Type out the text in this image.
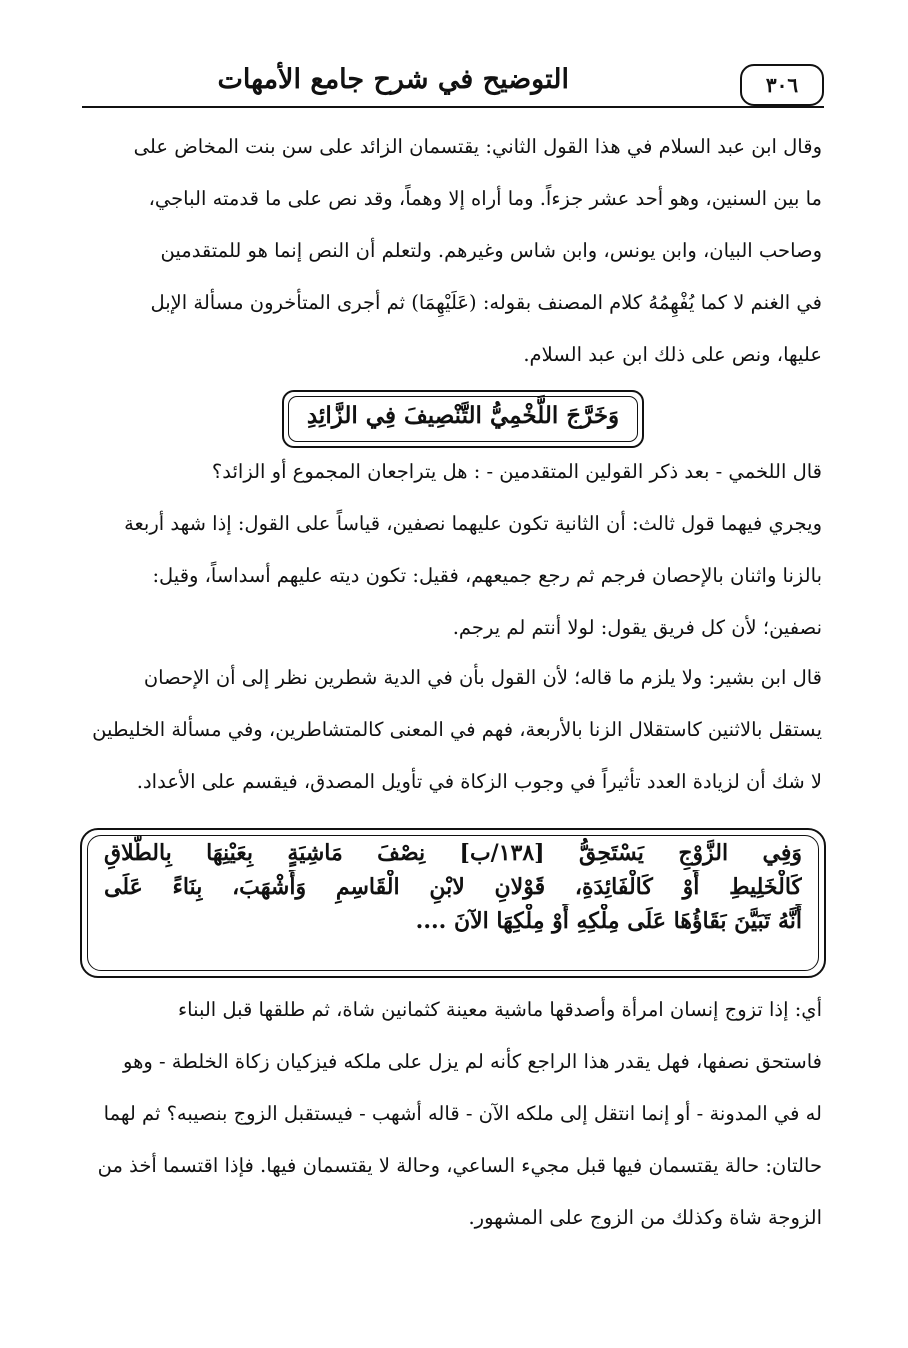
التوضيح في شرح جامع الأمهات	٣٠٦
وقال ابن عبد السلام في هذا القول الثاني: يقتسمان الزائد على سن بنت المخاض على
ما بين السنين، وهو أحد عشر جزءاً. وما أراه إلا وهماً، وقد نص على ما قدمته الباجي،
وصاحب البيان، وابن يونس، وابن شاس وغيرهم. ولتعلم أن النص إنما هو للمتقدمين
في الغنم لا كما يُفْهِمُهُ كلام المصنف بقوله: (عَلَيْهِمَا) ثم أجرى المتأخرون مسألة الإبل
عليها، ونص على ذلك ابن عبد السلام.
وَخَرَّجَ اللَّخْمِيُّ التَّنْصِيفَ فِي الزَّائِدِ
قال اللخمي - بعد ذكر القولين المتقدمين - : هل يتراجعان المجموع أو الزائد؟
ويجري فيهما قول ثالث: أن الثانية تكون عليهما نصفين، قياساً على القول: إذا شهد أربعة
بالزنا واثنان بالإحصان فرجم ثم رجع جميعهم، فقيل: تكون ديته عليهم أسداساً، وقيل:
نصفين؛ لأن كل فريق يقول: لولا أنتم لم يرجم.
قال ابن بشير: ولا يلزم ما قاله؛ لأن القول بأن في الدية شطرين نظر إلى أن الإحصان
يستقل بالاثنين كاستقلال الزنا بالأربعة، فهم في المعنى كالمتشاطرين، وفي مسألة الخليطين
لا شك أن لزيادة العدد تأثيراً في وجوب الزكاة في تأويل المصدق، فيقسم على الأعداد.
وَفِي الزَّوْجِ يَسْتَحِقُّ [١٣٨/ب] نِصْفَ مَاشِيَةٍ بِعَيْنِهَا بِالطَّلاقِ
كَالْخَلِيطِ أَوْ كَالْفَائِدَةِ، قَوْلانِ لابْنِ الْقَاسِمِ وَأَشْهَبَ، بِنَاءً عَلَى
أَنَّهُ تَبَيَّنَ بَقَاؤُهَا عَلَى مِلْكِهِ أَوْ مِلْكِهَا الآنَ ....
أي: إذا تزوج إنسان امرأة وأصدقها ماشية معينة كثمانين شاة، ثم طلقها قبل البناء
فاستحق نصفها، فهل يقدر هذا الراجع كأنه لم يزل على ملكه فيزكيان زكاة الخلطة - وهو
له في المدونة - أو إنما انتقل إلى ملكه الآن - قاله أشهب - فيستقبل الزوج بنصيبه؟ ثم لهما
حالتان: حالة يقتسمان فيها قبل مجيء الساعي، وحالة لا يقتسمان فيها. فإذا اقتسما أخذ من
الزوجة شاة وكذلك من الزوج على المشهور.
